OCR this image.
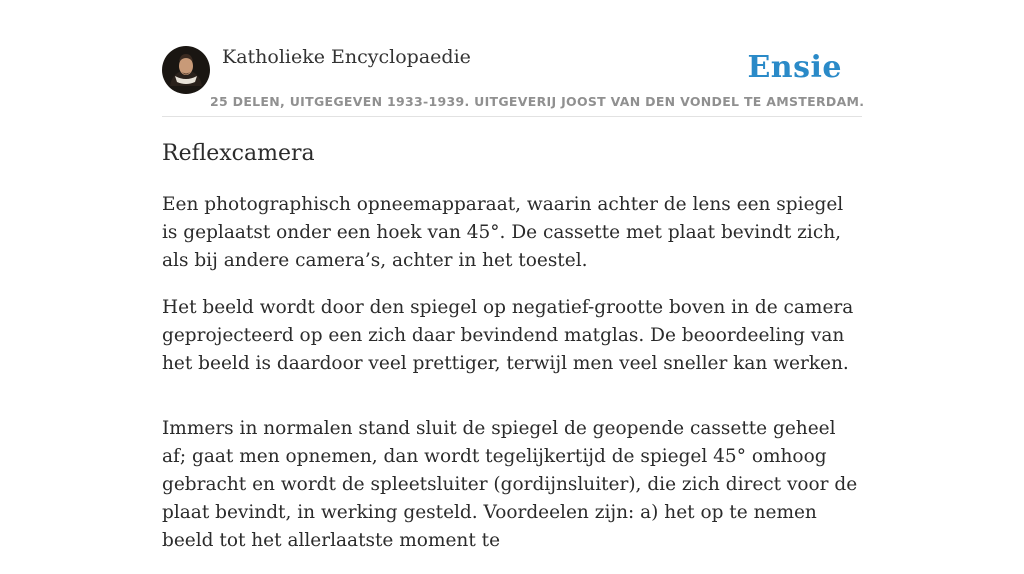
Katholieke Encyclopaedie	Ensie
25 DELEN, UITGEGEVEN 1933-1939. UITGEVERIJ JOOST VAN DEN VONDEL TE AMSTERDAM.
Reflexcamera

Een photographisch opneemapparaat, waarin achter de lens een spiegel is geplaatst onder een hoek van 45°. De cassette met plaat bevindt zich, als bij andere camera’s, achter in het toestel.

Het beeld wordt door den spiegel op negatief-grootte boven in de camera geprojecteerd op een zich daar bevindend matglas. De beoordeeling van het beeld is daardoor veel prettiger, terwijl men veel sneller kan werken.

Immers in normalen stand sluit de spiegel de geopende cassette geheel af; gaat men opnemen, dan wordt tegelijkertijd de spiegel 45° omhoog gebracht en wordt de spleetsluiter (gordijnsluiter), die zich direct voor de plaat bevindt, in werking gesteld. Voordeelen zijn: a) het op te nemen beeld tot het allerlaatste moment te
